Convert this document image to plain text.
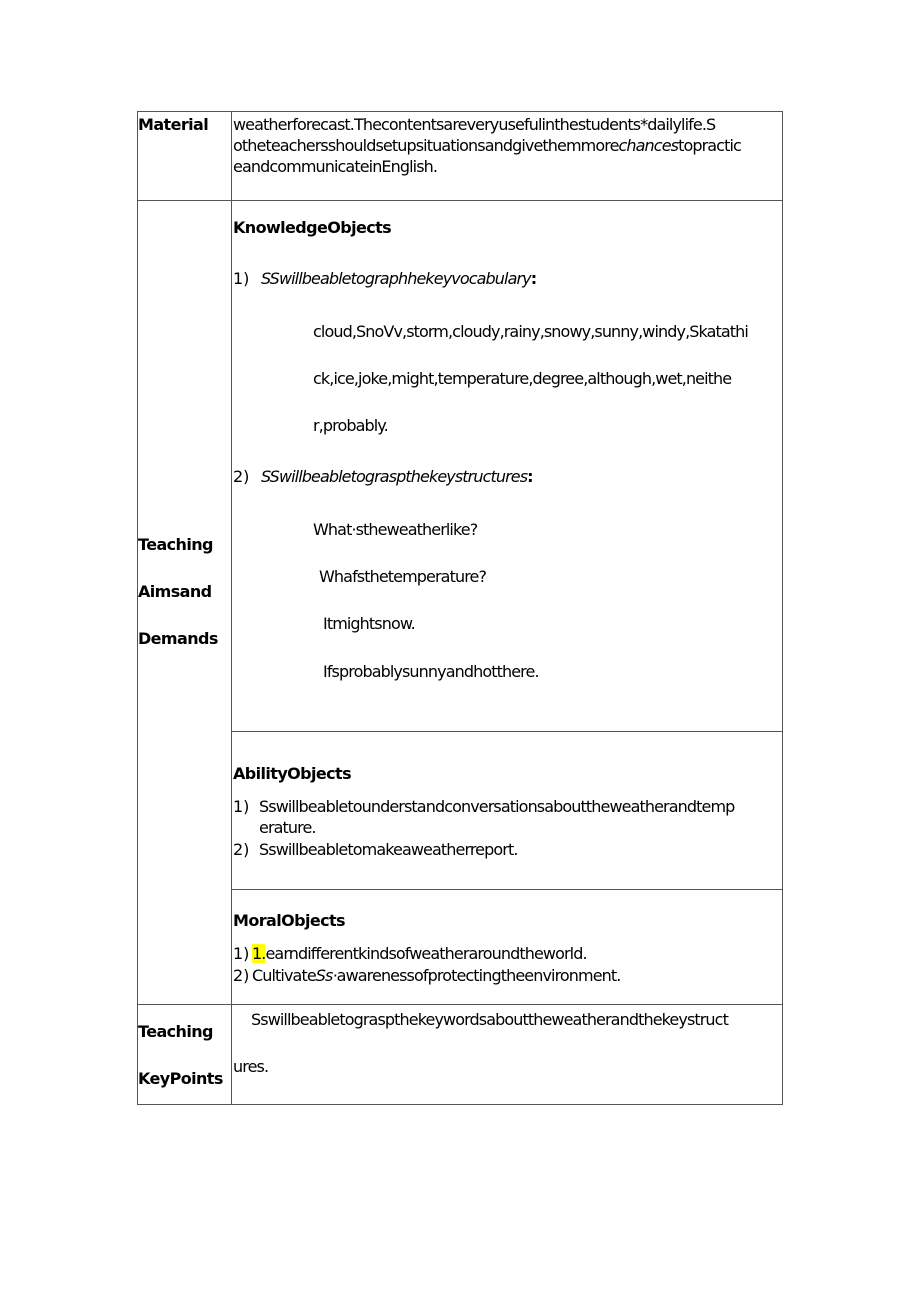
Material	weatherforecast.Thecontentsareveryusefulinthestudents*dailylife.S
otheteachersshouldsetupsituationsandgivethemmorechancestopractic
eandcommunicateinEnglish.
Teaching
Aimsand
Demands
KnowledgeObjects
1) SSwillbeabletographhekeyvocabulary:
cloud,SnoVv,storm,cloudy,rainy,snowy,sunny,windy,Skatathi
ck,ice,joke,might,temperature,degree,although,wet,neithe
r,probably.
2) SSwillbeabletograspthekeystructures:
What·stheweatherlike?
Whafsthetemperature?
Itmightsnow.
Ifsprobablysunnyandhotthere.
AbilityObjects
1) Sswillbeabletounderstandconversationsabouttheweatherandtemp
erature.
2) Sswillbeabletomakeaweatherreport.
MoralObjects
1) 1.earndifferentkindsofweatheraroundtheworld.
2) CultivateSs·awarenessofprotectingtheenvironment.
Teaching
KeyPoints
Sswillbeabletograspthekeywordsabouttheweatherandthekeystruct
ures.
